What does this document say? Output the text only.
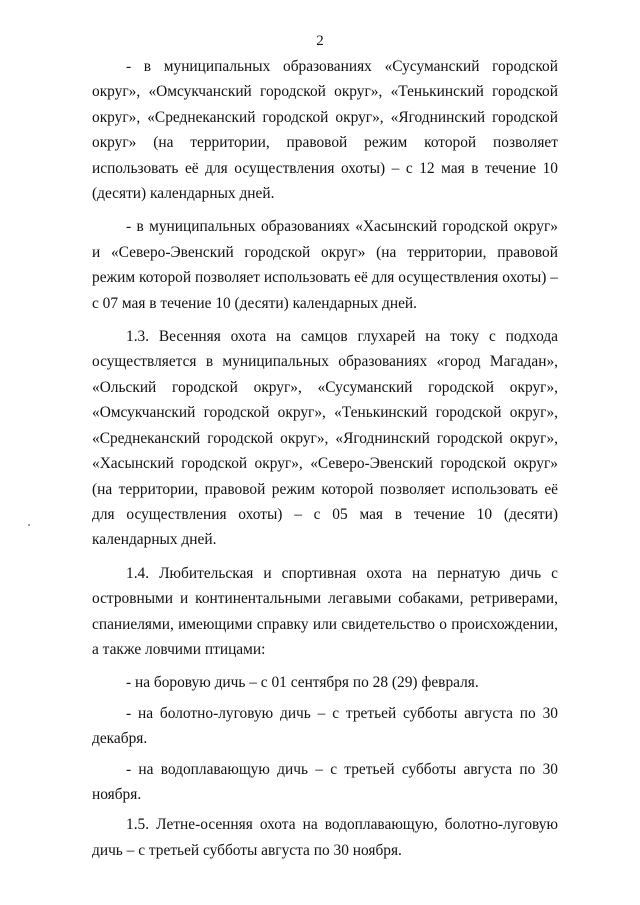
2

- в муниципальных образованиях «Сусуманский городской округ», «Омсукчанский городской округ», «Тенькинский городской округ», «Среднеканский городской округ», «Ягоднинский городской округ» (на территории, правовой режим которой позволяет использовать её для осуществления охоты) – с 12 мая в течение 10 (десяти) календарных дней.

- в муниципальных образованиях «Хасынский городской округ» и «Северо-Эвенский городской округ» (на территории, правовой режим которой позволяет использовать её для осуществления охоты) – с 07 мая в течение 10 (десяти) календарных дней.

1.3. Весенняя охота на самцов глухарей на току с подхода осуществляется в муниципальных образованиях «город Магадан», «Ольский городской округ», «Сусуманский городской округ», «Омсукчанский городской округ», «Тенькинский городской округ», «Среднеканский городской округ», «Ягоднинский городской округ», «Хасынский городской округ», «Северо-Эвенский городской округ» (на территории, правовой режим которой позволяет использовать её для осуществления охоты) – с 05 мая в течение 10 (десяти) календарных дней.

1.4. Любительская и спортивная охота на пернатую дичь с островными и континентальными легавыми собаками, ретриверами, спаниелями, имеющими справку или свидетельство о происхождении, а также ловчими птицами:

- на боровую дичь – с 01 сентября по 28 (29) февраля.

- на болотно-луговую дичь – с третьей субботы августа по 30 декабря.

- на водоплавающую дичь – с третьей субботы августа по 30 ноября.

1.5. Летне-осенняя охота на водоплавающую, болотно-луговую дичь – с третьей субботы августа по 30 ноября.
